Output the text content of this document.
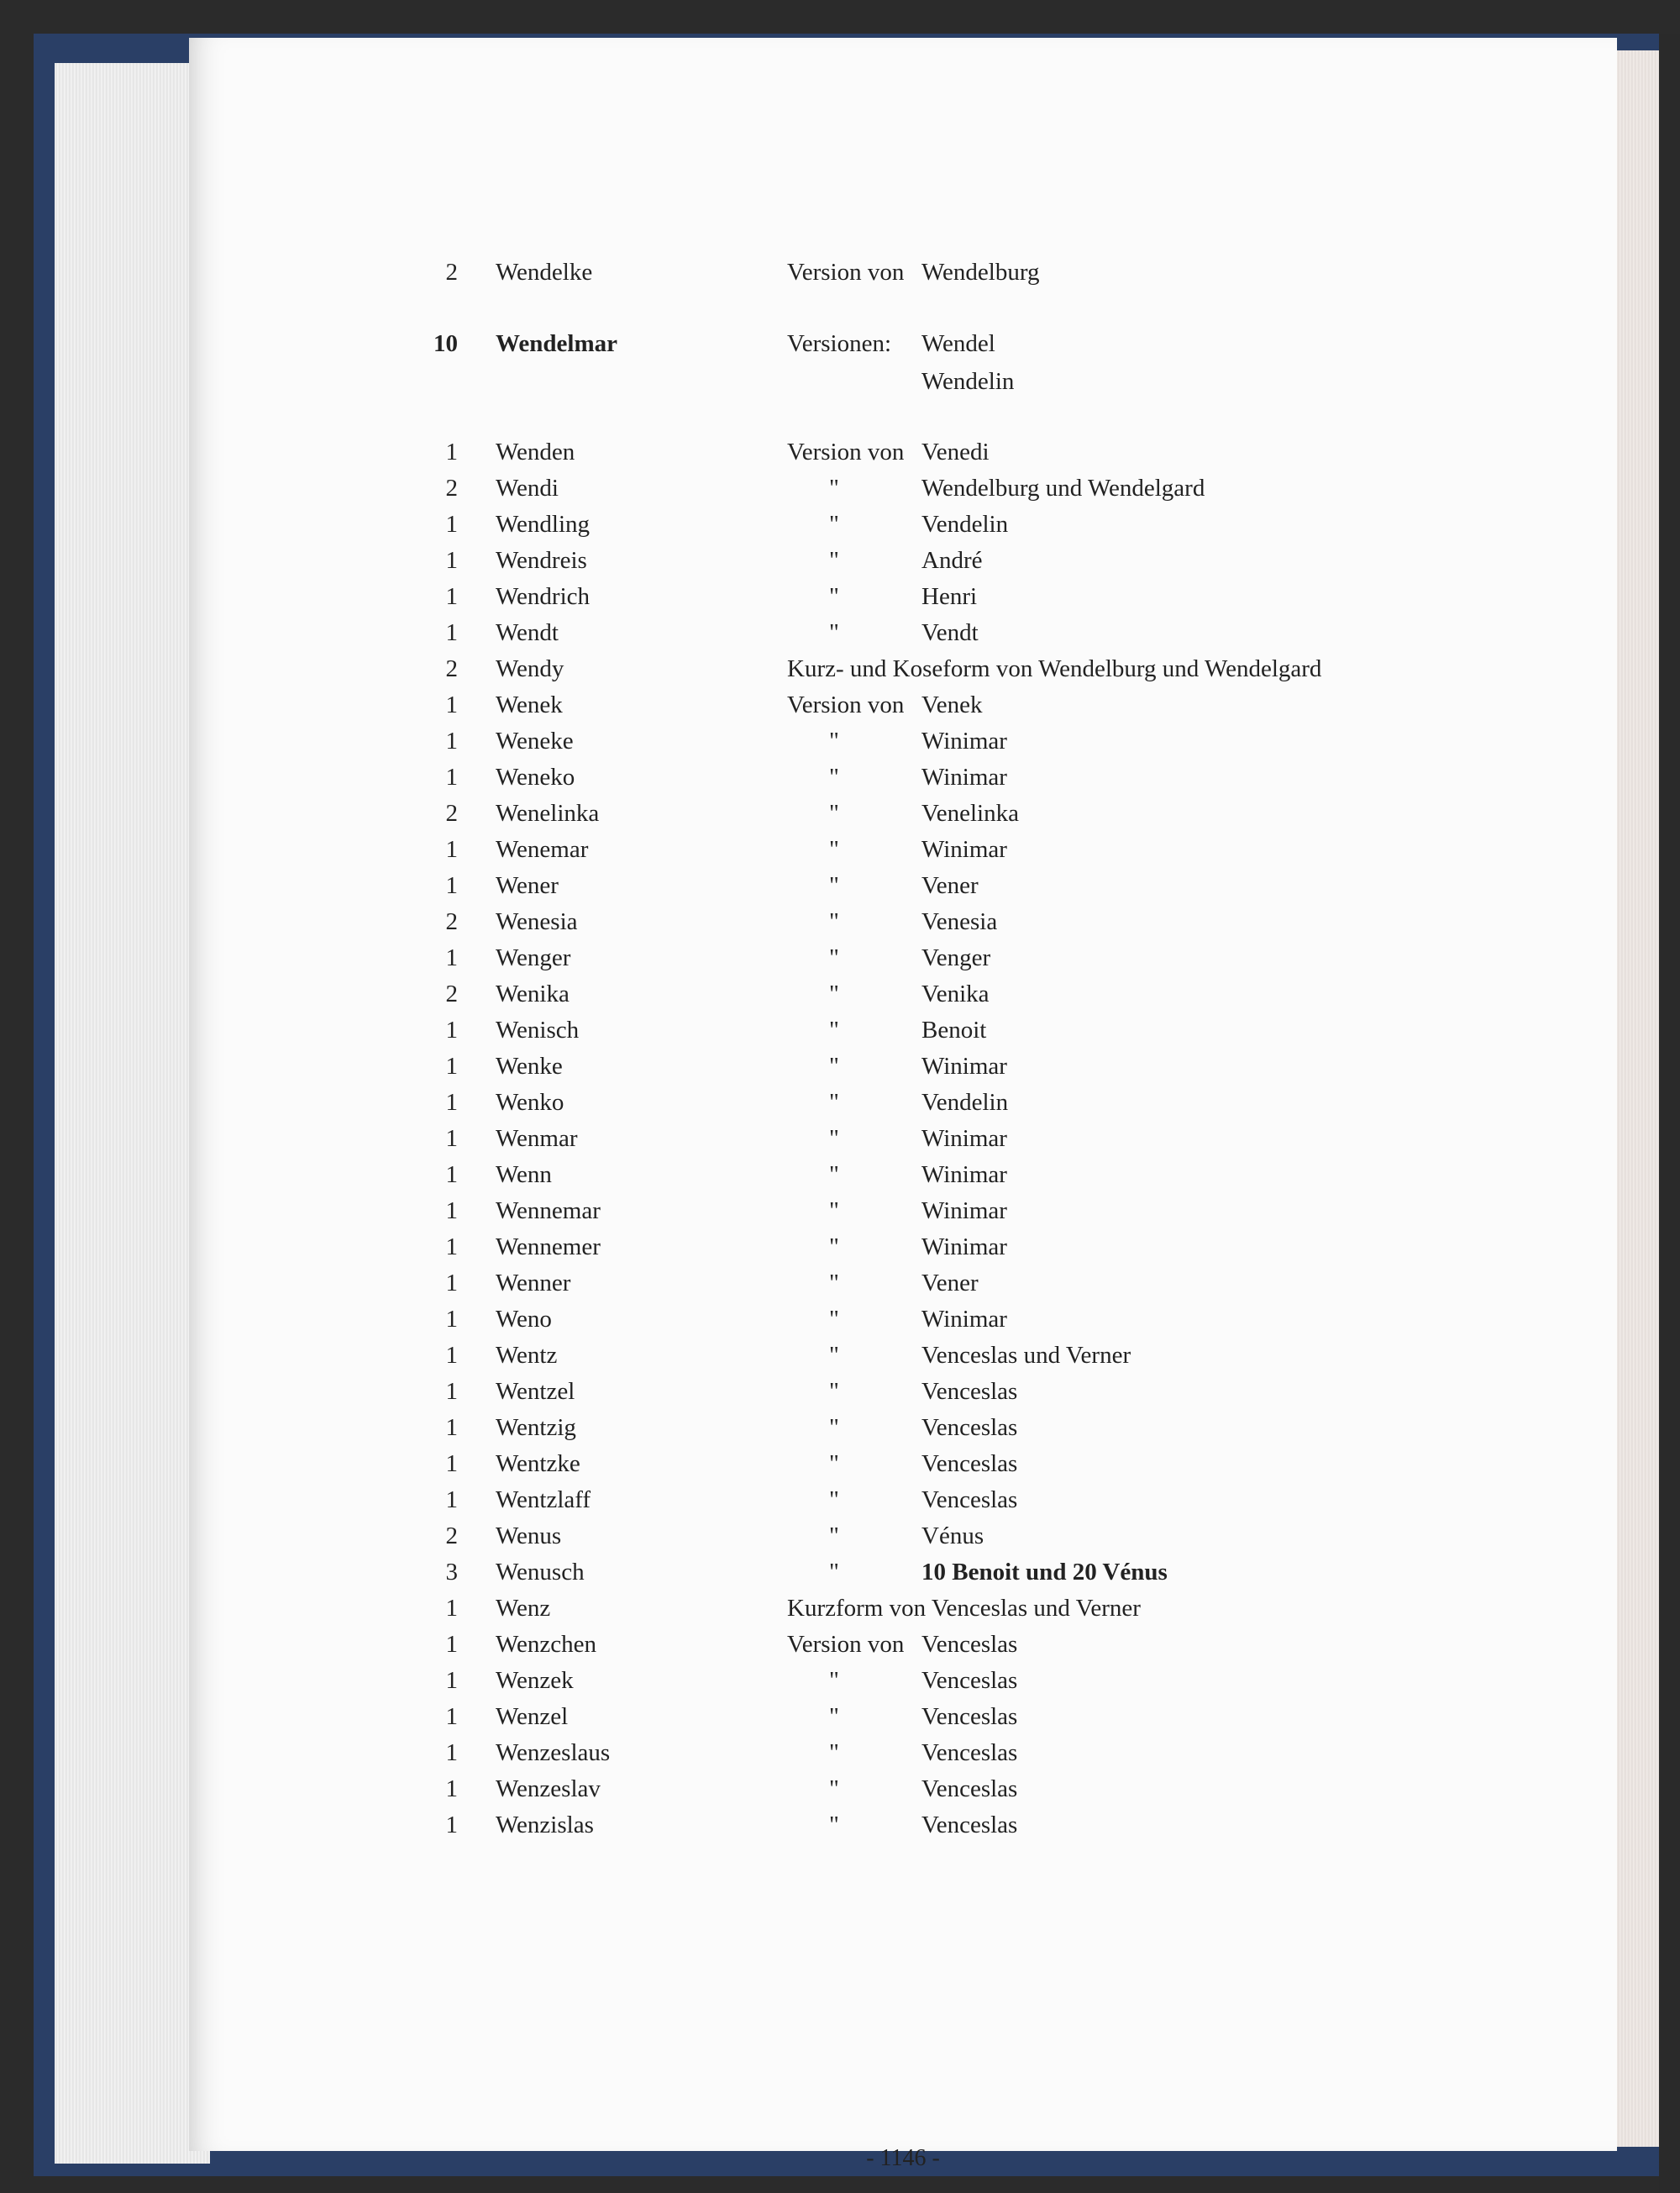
2 Wendelke	Version von Wendelburg
10 Wendelmar	Versionen: Wendel
Wendelin
1 Wenden	Version von Venedi
2 Wendi	"	Wendelburg und Wendelgard
1 Wendling	"	Vendelin
1 Wendreis	"	André
1 Wendrich	"	Henri
1 Wendt	"	Vendt
2 Wendy	Kurz- und Koseform von Wendelburg und Wendelgard
1 Wenek	Version von Venek
1 Weneke	"	Winimar
1 Weneko	"	Winimar
2 Wenelinka	"	Venelinka
1 Wenemar	"	Winimar
1 Wener	"	Vener
2 Wenesia	"	Venesia
1 Wenger	"	Venger
2 Wenika	"	Venika
1 Wenisch	"	Benoit
1 Wenke	"	Winimar
1 Wenko	"	Vendelin
1 Wenmar	"	Winimar
1 Wenn	"	Winimar
1 Wennemar	"	Winimar
1 Wennemer	"	Winimar
1 Wenner	"	Vener
1 Weno	"	Winimar
1 Wentz	"	Venceslas und Verner
1 Wentzel	"	Venceslas
1 Wentzig	"	Venceslas
1 Wentzke	"	Venceslas
1 Wentzlaff	"	Venceslas
2 Wenus	"	Vénus
3 Wenusch	"	10 Benoit und 20 Vénus
1 Wenz	Kurzform von Venceslas und Verner
1 Wenzchen	Version von Venceslas
1 Wenzek	"	Venceslas
1 Wenzel	"	Venceslas
1 Wenzeslaus	"	Venceslas
1 Wenzeslav	"	Venceslas
1 Wenzislas	"	Venceslas
- 1146 -
